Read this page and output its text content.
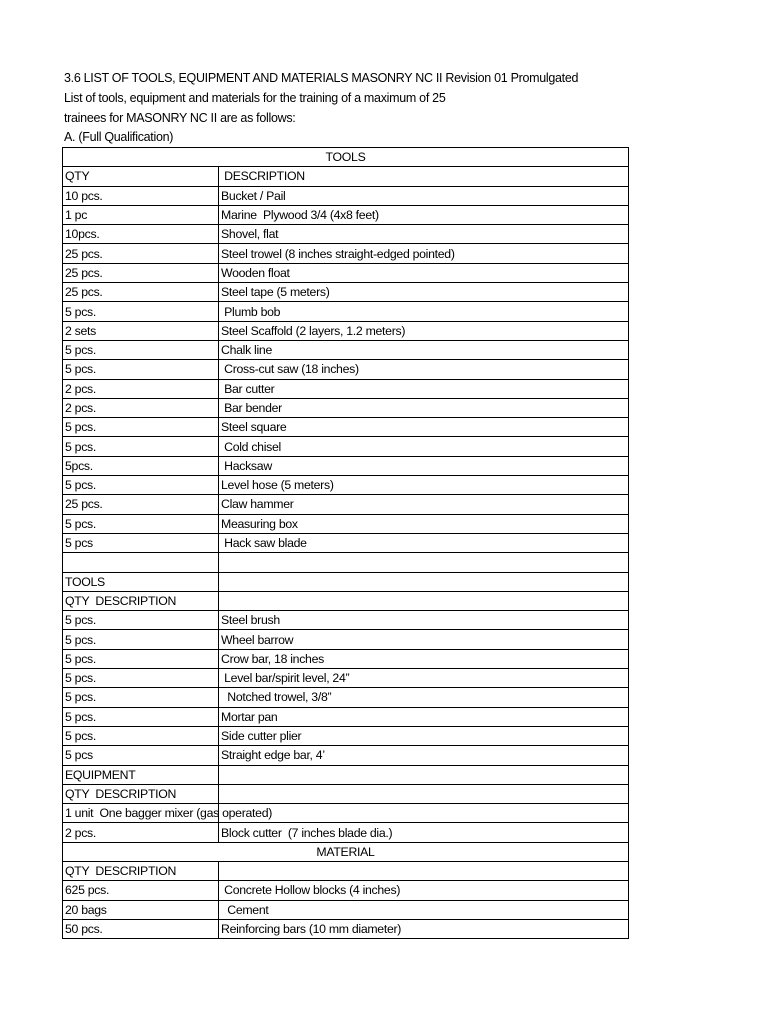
3.6 LIST OF TOOLS, EQUIPMENT AND MATERIALS MASONRY NC II Revision 01 Promulgated
List of tools, equipment and materials for the training of a maximum of 25
trainees for MASONRY NC II are as follows:
A. (Full Qualification)
TOOLS	
QTY	DESCRIPTION
10 pcs.	Bucket / Pail
1 pc	Marine  Plywood 3/4 (4x8 feet)
10pcs.	Shovel, flat
25 pcs.	Steel trowel (8 inches straight-edged pointed)
25 pcs.	Wooden float
25 pcs.	Steel tape (5 meters)
5 pcs.	Plumb bob
2 sets	Steel Scaffold (2 layers, 1.2 meters)
5 pcs.	Chalk line
5 pcs.	Cross-cut saw (18 inches)
2 pcs.	Bar cutter
2 pcs.	Bar bender
5 pcs.	Steel square
5 pcs.	Cold chisel
5pcs.	Hacksaw
5 pcs.	Level hose (5 meters)
25 pcs.	Claw hammer
5 pcs.	Measuring box
5 pcs	Hack saw blade

TOOLS	
QTY  DESCRIPTION	
5 pcs.	Steel brush
5 pcs.	Wheel barrow
5 pcs.	Crow bar, 18 inches
5 pcs.	Level bar/spirit level, 24”
5 pcs.	Notched trowel, 3/8”
5 pcs.	Mortar pan
5 pcs.	Side cutter plier
5 pcs	Straight edge bar, 4’
EQUIPMENT	
QTY  DESCRIPTION	
1 unit  One bagger mixer (gas operated)	
2 pcs.	Block cutter  (7 inches blade dia.)
MATERIAL	
QTY  DESCRIPTION	
625 pcs.	Concrete Hollow blocks (4 inches)
20 bags	Cement
50 pcs.	Reinforcing bars (10 mm diameter)
